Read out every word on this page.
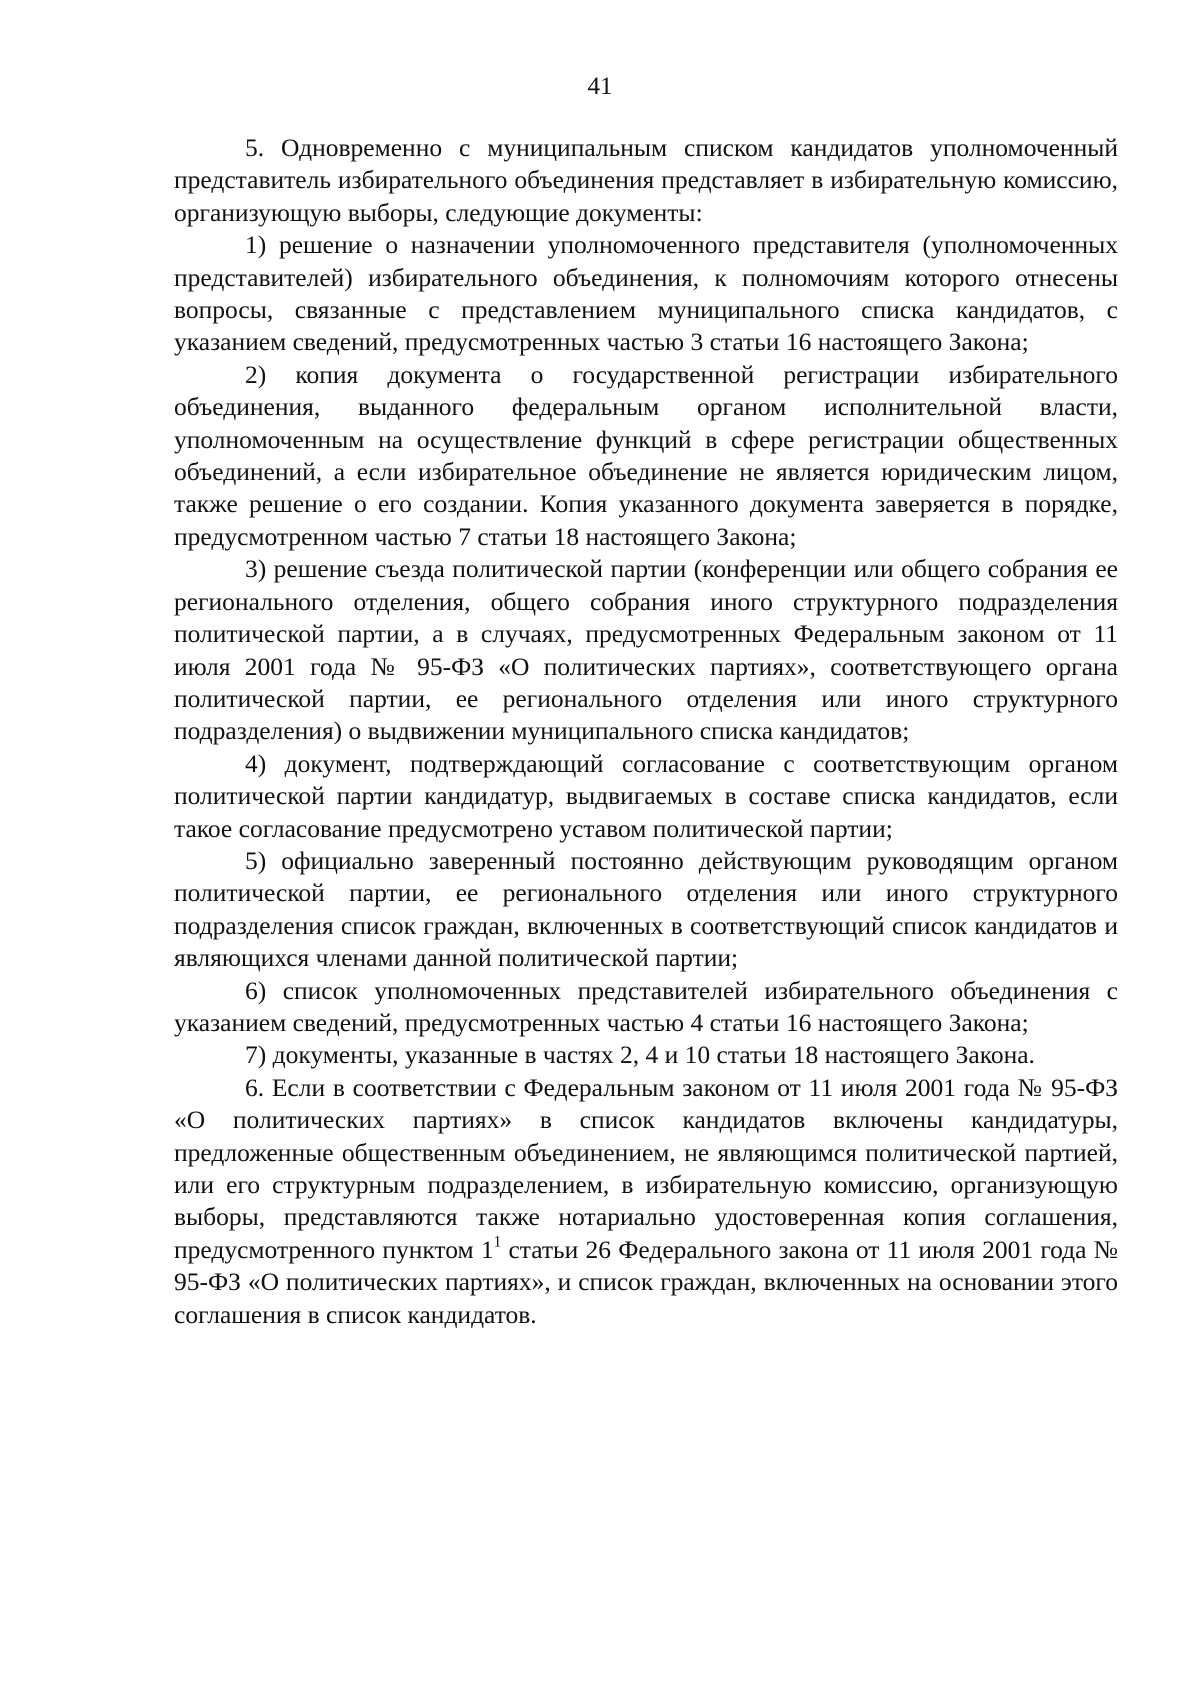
41

5. Одновременно с муниципальным списком кандидатов уполномоченный представитель избирательного объединения представляет в избирательную комиссию, организующую выборы, следующие документы:

1) решение о назначении уполномоченного представителя (уполномоченных представителей) избирательного объединения, к полномочиям которого отнесены вопросы, связанные с представлением муниципального списка кандидатов, с указанием сведений, предусмотренных частью 3 статьи 16 настоящего Закона;

2) копия документа о государственной регистрации избирательного объединения, выданного федеральным органом исполнительной власти, уполномоченным на осуществление функций в сфере регистрации общественных объединений, а если избирательное объединение не является юридическим лицом, также решение о его создании. Копия указанного документа заверяется в порядке, предусмотренном частью 7 статьи 18 настоящего Закона;

3) решение съезда политической партии (конференции или общего собрания ее регионального отделения, общего собрания иного структурного подразделения политической партии, а в случаях, предусмотренных Федеральным законом от 11 июля 2001 года № 95-ФЗ «О политических партиях», соответствующего органа политической партии, ее регионального отделения или иного структурного подразделения) о выдвижении муниципального списка кандидатов;

4) документ, подтверждающий согласование с соответствующим органом политической партии кандидатур, выдвигаемых в составе списка кандидатов, если такое согласование предусмотрено уставом политической партии;

5) официально заверенный постоянно действующим руководящим органом политической партии, ее регионального отделения или иного структурного подразделения список граждан, включенных в соответствующий список кандидатов и являющихся членами данной политической партии;

6) список уполномоченных представителей избирательного объединения с указанием сведений, предусмотренных частью 4 статьи 16 настоящего Закона;

7) документы, указанные в частях 2, 4 и 10 статьи 18 настоящего Закона.

6. Если в соответствии с Федеральным законом от 11 июля 2001 года № 95-ФЗ «О политических партиях» в список кандидатов включены кандидатуры, предложенные общественным объединением, не являющимся политической партией, или его структурным подразделением, в избирательную комиссию, организующую выборы, представляются также нотариально удостоверенная копия соглашения, предусмотренного пунктом $1^1$ статьи 26 Федерального закона от 11 июля 2001 года № 95-ФЗ «О политических партиях», и список граждан, включенных на основании этого соглашения в список кандидатов.
